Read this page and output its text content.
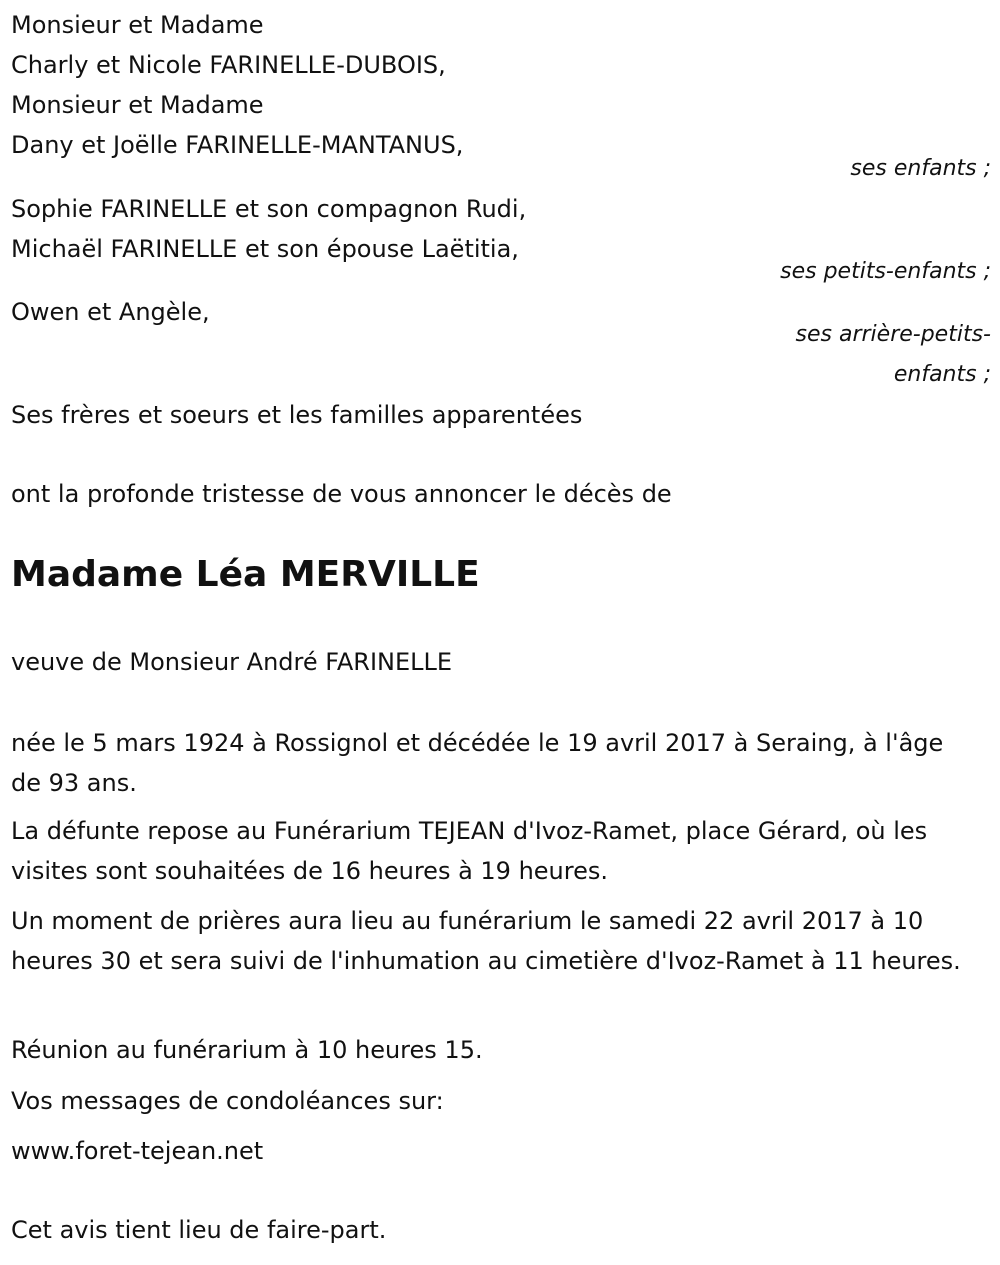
Monsieur et Madame
Charly et Nicole FARINELLE-DUBOIS,
Monsieur et Madame
Dany et Joëlle FARINELLE-MANTANUS,
ses enfants ;
Sophie FARINELLE et son compagnon Rudi,
Michaël FARINELLE et son épouse Laëtitia,
ses petits-enfants ;
Owen et Angèle,
ses arrière-petits-
enfants ;
Ses frères et soeurs et les familles apparentées
ont la profonde tristesse de vous annoncer le décès de
Madame Léa MERVILLE
veuve de Monsieur André FARINELLE
née le 5 mars 1924 à Rossignol et décédée le 19 avril 2017 à Seraing, à l'âge de 93 ans.
La défunte repose au Funérarium TEJEAN d'Ivoz-Ramet, place Gérard, où les visites sont souhaitées de 16 heures à 19 heures.
Un moment de prières aura lieu au funérarium le samedi 22 avril 2017 à 10 heures 30 et sera suivi de l'inhumation au cimetière d'Ivoz-Ramet à 11 heures.
Réunion au funérarium à 10 heures 15.
Vos messages de condoléances sur:
www.foret-tejean.net
Cet avis tient lieu de faire-part.
